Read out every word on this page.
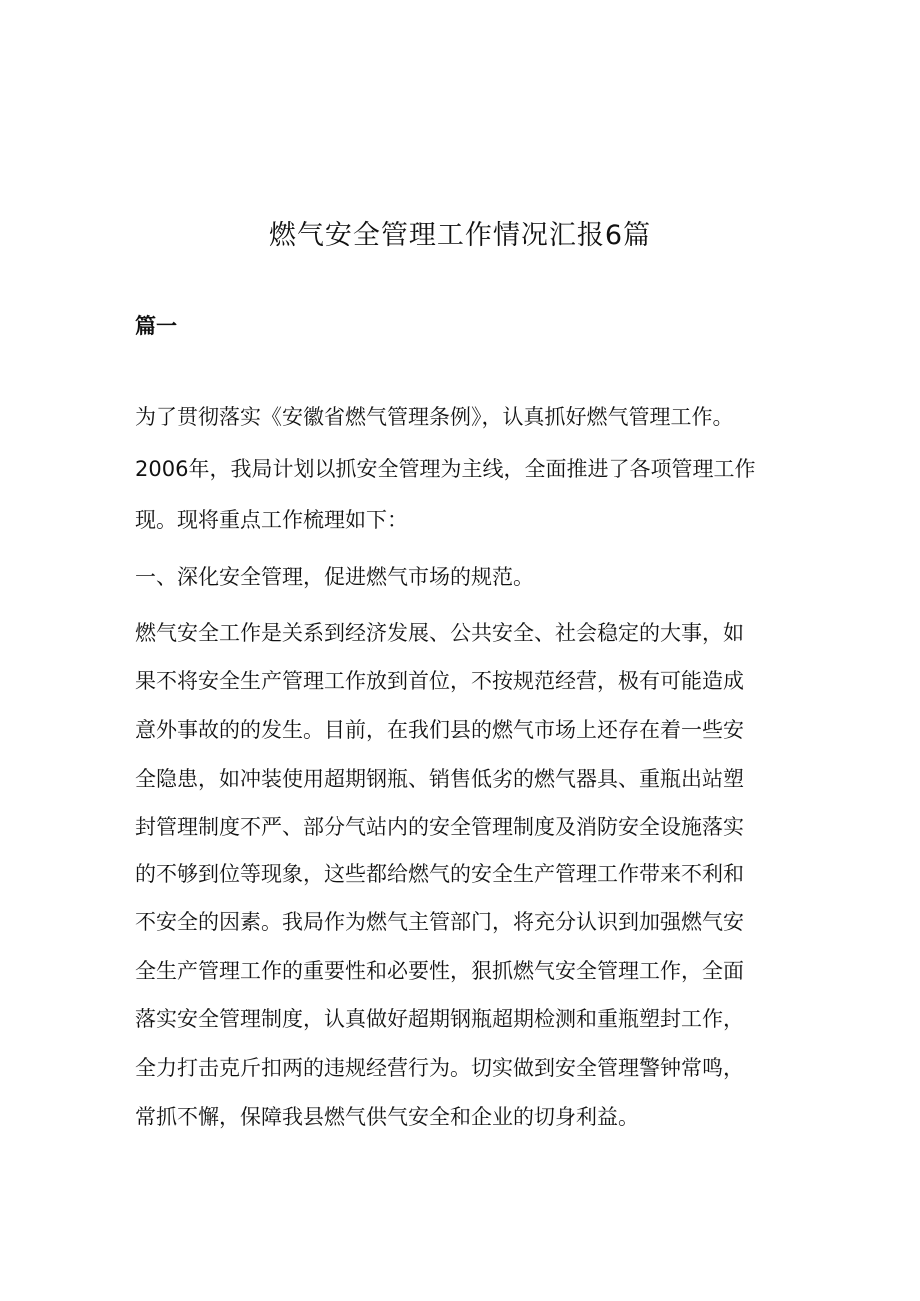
燃气安全管理工作情况汇报6篇
篇一

为了贯彻落实《安徽省燃气管理条例》，认真抓好燃气管理工作。

2006年，我局计划以抓安全管理为主线，全面推进了各项管理工作

现。现将重点工作梳理如下：

一、深化安全管理，促进燃气市场的规范。

燃气安全工作是关系到经济发展、公共安全、社会稳定的大事，如

果不将安全生产管理工作放到首位，不按规范经营，极有可能造成

意外事故的的发生。目前，在我们县的燃气市场上还存在着一些安

全隐患，如冲装使用超期钢瓶、销售低劣的燃气器具、重瓶出站塑

封管理制度不严、部分气站内的安全管理制度及消防安全设施落实

的不够到位等现象，这些都给燃气的安全生产管理工作带来不利和

不安全的因素。我局作为燃气主管部门，将充分认识到加强燃气安

全生产管理工作的重要性和必要性，狠抓燃气安全管理工作，全面

落实安全管理制度，认真做好超期钢瓶超期检测和重瓶塑封工作，

全力打击克斤扣两的违规经营行为。切实做到安全管理警钟常鸣，

常抓不懈，保障我县燃气供气安全和企业的切身利益。
